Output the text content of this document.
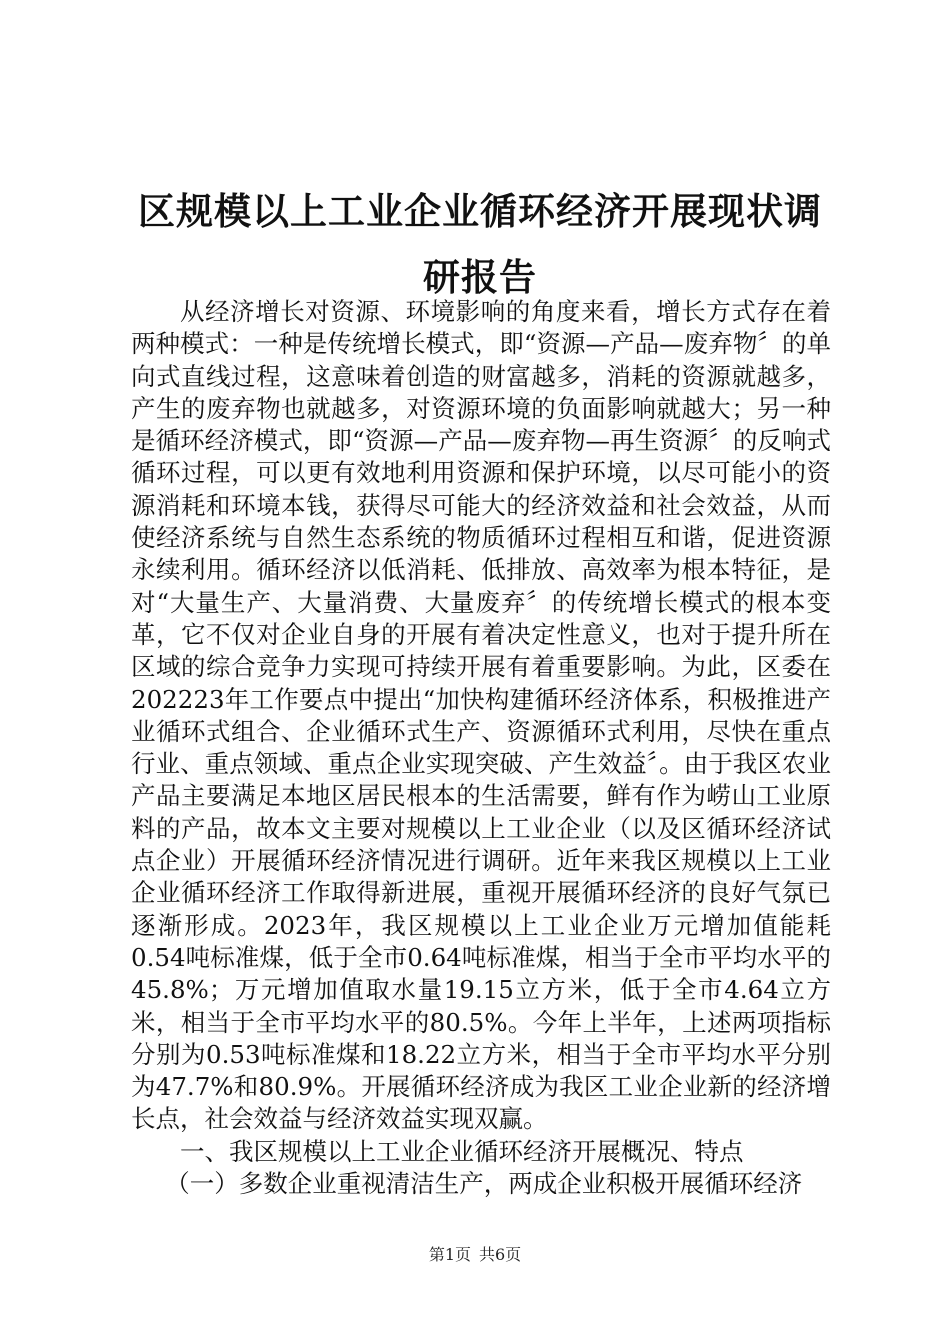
区规模以上工业企业循环经济开展现状调研报告

从经济增长对资源、环境影响的角度来看，增长方式存在着两种模式：一种是传统增长模式，即“资源—产品—废弃物〞的单向式直线过程，这意味着创造的财富越多，消耗的资源就越多，产生的废弃物也就越多，对资源环境的负面影响就越大；另一种是循环经济模式，即“资源—产品—废弃物—再生资源〞的反响式循环过程，可以更有效地利用资源和保护环境，以尽可能小的资源消耗和环境本钱，获得尽可能大的经济效益和社会效益，从而使经济系统与自然生态系统的物质循环过程相互和谐，促进资源永续利用。循环经济以低消耗、低排放、高效率为根本特征，是对“大量生产、大量消费、大量废弃〞的传统增长模式的根本变革，它不仅对企业自身的开展有着决定性意义，也对于提升所在区域的综合竞争力实现可持续开展有着重要影响。为此，区委在202223年工作要点中提出“加快构建循环经济体系，积极推进产业循环式组合、企业循环式生产、资源循环式利用，尽快在重点行业、重点领域、重点企业实现突破、产生效益〞。由于我区农业产品主要满足本地区居民根本的生活需要，鲜有作为崂山工业原料的产品，故本文主要对规模以上工业企业（以及区循环经济试点企业）开展循环经济情况进行调研。近年来我区规模以上工业企业循环经济工作取得新进展，重视开展循环经济的良好气氛已逐渐形成。2023年，我区规模以上工业企业万元增加值能耗0.54吨标准煤，低于全市0.64吨标准煤，相当于全市平均水平的45.8%；万元增加值取水量19.15立方米，低于全市4.64立方米，相当于全市平均水平的80.5%。今年上半年，上述两项指标分别为0.53吨标准煤和18.22立方米，相当于全市平均水平分别为47.7%和80.9%。开展循环经济成为我区工业企业新的经济增长点，社会效益与经济效益实现双赢。

一、我区规模以上工业企业循环经济开展概况、特点

（一）多数企业重视清洁生产，两成企业积极开展循环经济

第1页 共6页
